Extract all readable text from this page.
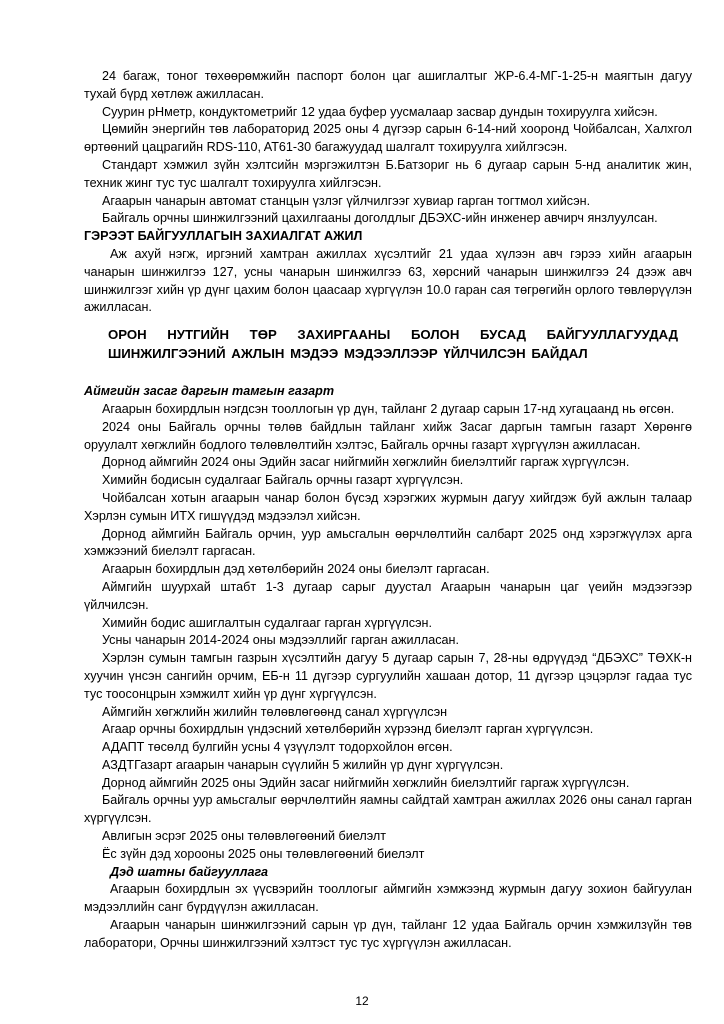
24 багаж, тоног төхөөрөмжийн паспорт болон цаг ашиглалтыг ЖР-6.4-МГ-1-25-н маягтын дагуу тухай бүрд хөтлөж ажилласан.
Суурин рНметр, кондуктометрийг 12 удаа буфер уусмалаар засвар дундын тохируулга хийсэн.
Цөмийн энергийн төв лабораторид 2025 оны 4 дүгээр сарын 6-14-ний хооронд Чойбалсан, Халхгол өртөөний цацрагийн RDS-110, AT61-30 багажуудад шалгалт тохируулга хийлгэсэн.
Стандарт хэмжил зүйн хэлтсийн мэргэжилтэн Б.Батзориг нь 6 дугаар сарын 5-нд аналитик жин, техник жинг тус тус шалгалт тохируулга хийлгэсэн.
Агаарын чанарын автомат станцын үзлэг үйлчилгээг хувиар гарган тогтмол хийсэн.
Байгаль орчны шинжилгээний цахилгааны доголдлыг ДБЭХС-ийн инженер авчирч янзлуулсан.
ГЭРЭЭТ БАЙГУУЛЛАГЫН ЗАХИАЛГАТ АЖИЛ
Аж ахуй нэгж, иргэний хамтран ажиллах хүсэлтийг 21 удаа хүлээн авч гэрээ хийн агаарын чанарын шинжилгээ 127, усны чанарын шинжилгээ 63, хөрсний чанарын шинжилгээ 24 дээж авч шинжилгээг хийн үр дүнг цахим болон цаасаар хүргүүлэн 10.0 гаран сая төгрөгийн орлого төвлөрүүлэн ажилласан.
ОРОН НУТГИЙН ТӨР ЗАХИРГААНЫ БОЛОН БУСАД БАЙГУУЛЛАГУУДАД ШИНЖИЛГЭЭНИЙ АЖЛЫН МЭДЭЭ МЭДЭЭЛЛЭЭР ҮЙЛЧИЛСЭН БАЙДАЛ
Аймгийн засаг даргын тамгын газарт
Агаарын бохирдлын нэгдсэн тооллогын үр дүн, тайланг 2 дугаар сарын 17-нд хугацаанд нь өгсөн.
2024 оны Байгаль орчны төлөв байдлын тайланг хийж Засаг даргын тамгын газарт Хөрөнгө оруулалт хөгжлийн бодлого төлөвлөлтийн хэлтэс, Байгаль орчны газарт хүргүүлэн ажилласан.
Дорнод аймгийн 2024 оны Эдийн засаг нийгмийн хөгжлийн биелэлтийг гаргаж хүргүүлсэн.
Химийн бодисын судалгааг Байгаль орчны газарт хүргүүлсэн.
Чойбалсан хотын агаарын чанар болон бүсэд хэрэгжих журмын дагуу хийгдэж буй ажлын талаар Хэрлэн сумын ИТХ гишүүдэд мэдээлэл хийсэн.
Дорнод аймгийн Байгаль орчин, уур амьсгалын өөрчлөлтийн салбарт 2025 онд хэрэгжүүлэх арга хэмжээний биелэлт гаргасан.
Агаарын бохирдлын дэд хөтөлбөрийн 2024 оны биелэлт гаргасан.
Аймгийн шуурхай штабт 1-3 дугаар сарыг дуустал Агаарын чанарын цаг үеийн мэдээгээр үйлчилсэн.
Химийн бодис ашиглалтын судалгааг гарган хүргүүлсэн.
Усны чанарын 2014-2024 оны мэдээллийг гарган ажилласан.
Хэрлэн сумын тамгын газрын хүсэлтийн дагуу 5 дугаар сарын 7, 28-ны өдрүүдэд “ДБЭХС” ТӨХК-н хуучин үнсэн сангийн орчим, ЕБ-н 11 дүгээр сургуулийн хашаан дотор, 11 дүгээр цэцэрлэг гадаа тус тус тоосонцрын хэмжилт хийн үр дүнг хүргүүлсэн.
Аймгийн хөгжлийн жилийн төлөвлөгөөнд санал хүргүүлсэн
Агаар орчны бохирдлын үндэсний хөтөлбөрийн хүрээнд биелэлт гарган хүргүүлсэн.
АДАПТ төсөлд булгийн усны 4 үзүүлэлт тодорхойлон өгсөн.
АЗДТГазарт агаарын чанарын сүүлийн 5 жилийн үр дүнг хүргүүлсэн.
Дорнод аймгийн 2025 оны Эдийн засаг нийгмийн хөгжлийн биелэлтийг гаргаж хүргүүлсэн.
Байгаль орчны уур амьсгалыг өөрчлөлтийн яамны сайдтай хамтран ажиллах 2026 оны санал гарган хүргүүлсэн.
Авлигын эсрэг 2025 оны төлөвлөгөөний биелэлт
Ёс зүйн дэд хорооны 2025 оны төлөвлөгөөний биелэлт
Дэд шатны байгууллага
Агаарын бохирдлын эх үүсвэрийн тооллогыг аймгийн хэмжээнд журмын дагуу зохион байгуулан мэдээллийн санг бүрдүүлэн ажилласан.
Агаарын чанарын шинжилгээний сарын үр дүн, тайланг 12 удаа Байгаль орчин хэмжилзүйн төв лаборатори, Орчны шинжилгээний хэлтэст тус тус хүргүүлэн ажилласан.
12
